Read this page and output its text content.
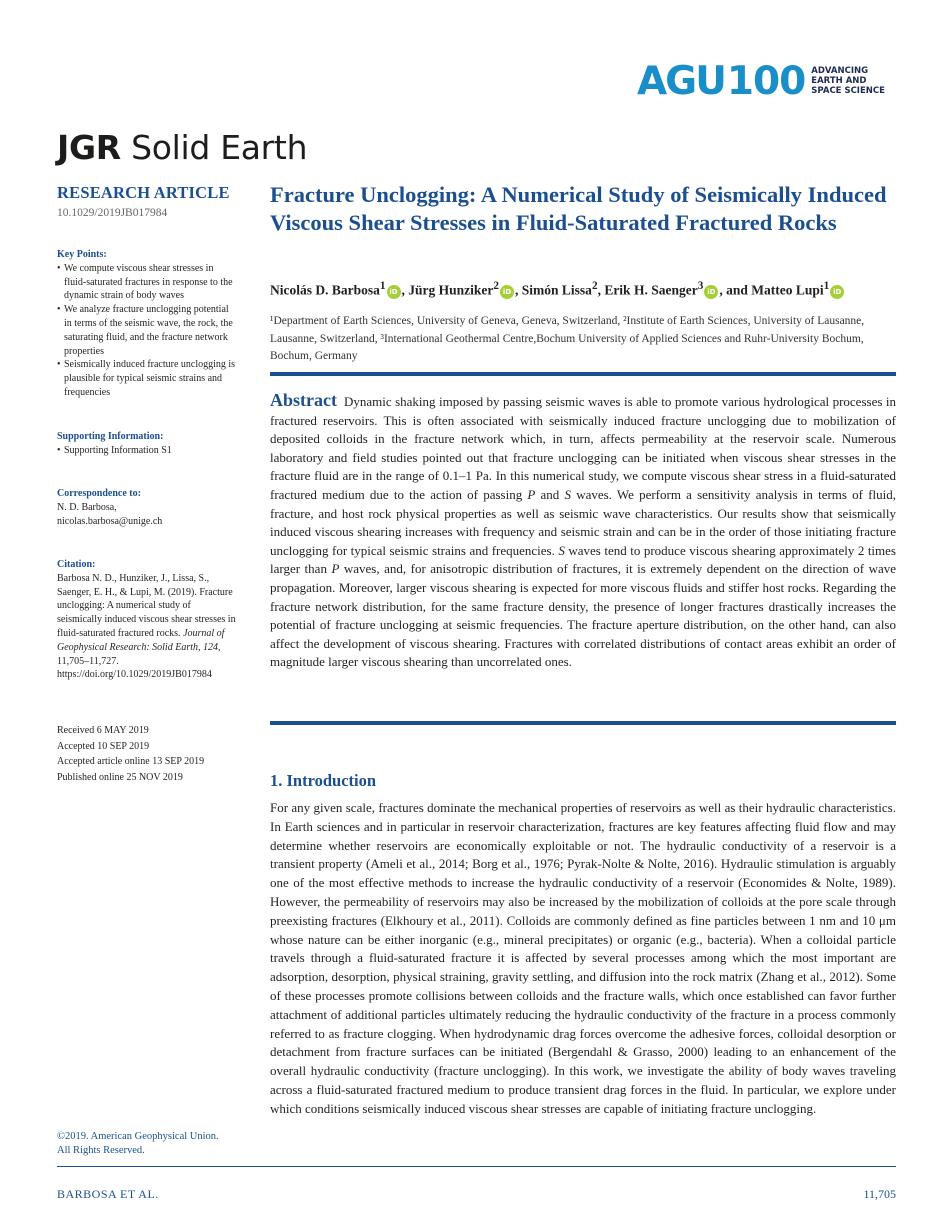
AGU 100 ADVANCING
EARTH AND
SPACE SCIENCE
JGR Solid Earth
RESEARCH ARTICLE
10.1029/2019JB017984
Key Points:
• We compute viscous shear stresses in fluid-saturated fractures in response to the dynamic strain of body waves
• We analyze fracture unclogging potential in terms of the seismic wave, the rock, the saturating fluid, and the fracture network properties
• Seismically induced fracture unclogging is plausible for typical seismic strains and frequencies
Supporting Information:
• Supporting Information S1
Correspondence to:
N. D. Barbosa,
nicolas.barbosa@unige.ch
Citation:
Barbosa N. D., Hunziker, J., Lissa, S., Saenger, E. H., & Lupi, M. (2019). Fracture unclogging: A numerical study of seismically induced viscous shear stresses in fluid-saturated fractured rocks. Journal of Geophysical Research: Solid Earth, 124, 11,705–11,727. https://doi.org/10.1029/2019JB017984
Received 6 MAY 2019
Accepted 10 SEP 2019
Accepted article online 13 SEP 2019
Published online 25 NOV 2019
©2019. American Geophysical Union.
All Rights Reserved.
Fracture Unclogging: A Numerical Study of Seismically Induced Viscous Shear Stresses in Fluid-Saturated Fractured Rocks
Nicolás D. Barbosa$^1$ iD , Jürg Hunziker$^2$ iD , Simón Lissa$^2$, Erik H. Saenger$^3$ iD , and Matteo Lupi$^1$ iD
¹Department of Earth Sciences, University of Geneva, Geneva, Switzerland, ²Institute of Earth Sciences, University of Lausanne, Lausanne, Switzerland, ³International Geothermal Centre,Bochum University of Applied Sciences and Ruhr-University Bochum, Bochum, Germany
Abstract Dynamic shaking imposed by passing seismic waves is able to promote various hydrological processes in fractured reservoirs. This is often associated with seismically induced fracture unclogging due to mobilization of deposited colloids in the fracture network which, in turn, affects permeability at the reservoir scale. Numerous laboratory and field studies pointed out that fracture unclogging can be initiated when viscous shear stresses in the fracture fluid are in the range of 0.1–1 Pa. In this numerical study, we compute viscous shear stress in a fluid-saturated fractured medium due to the action of passing P and S waves. We perform a sensitivity analysis in terms of fluid, fracture, and host rock physical properties as well as seismic wave characteristics. Our results show that seismically induced viscous shearing increases with frequency and seismic strain and can be in the order of those initiating fracture unclogging for typical seismic strains and frequencies. S waves tend to produce viscous shearing approximately 2 times larger than P waves, and, for anisotropic distribution of fractures, it is extremely dependent on the direction of wave propagation. Moreover, larger viscous shearing is expected for more viscous fluids and stiffer host rocks. Regarding the fracture network distribution, for the same fracture density, the presence of longer fractures drastically increases the potential of fracture unclogging at seismic frequencies. The fracture aperture distribution, on the other hand, can also affect the development of viscous shearing. Fractures with correlated distributions of contact areas exhibit an order of magnitude larger viscous shearing than uncorrelated ones.
1. Introduction
For any given scale, fractures dominate the mechanical properties of reservoirs as well as their hydraulic characteristics. In Earth sciences and in particular in reservoir characterization, fractures are key features affecting fluid flow and may determine whether reservoirs are economically exploitable or not. The hydraulic conductivity of a reservoir is a transient property (Ameli et al., 2014; Borg et al., 1976; Pyrak-Nolte & Nolte, 2016). Hydraulic stimulation is arguably one of the most effective methods to increase the hydraulic conductivity of a reservoir (Economides & Nolte, 1989). However, the permeability of reservoirs may also be increased by the mobilization of colloids at the pore scale through preexisting fractures (Elkhoury et al., 2011). Colloids are commonly defined as fine particles between 1 nm and 10 μm whose nature can be either inorganic (e.g., mineral precipitates) or organic (e.g., bacteria). When a colloidal particle travels through a fluid-saturated fracture it is affected by several processes among which the most important are adsorption, desorption, physical straining, gravity settling, and diffusion into the rock matrix (Zhang et al., 2012). Some of these processes promote collisions between colloids and the fracture walls, which once established can favor further attachment of additional particles ultimately reducing the hydraulic conductivity of the fracture in a process commonly referred to as fracture clogging. When hydrodynamic drag forces overcome the adhesive forces, colloidal desorption or detachment from fracture surfaces can be initiated (Bergendahl & Grasso, 2000) leading to an enhancement of the overall hydraulic conductivity (fracture unclogging). In this work, we investigate the ability of body waves traveling across a fluid-saturated fractured medium to produce transient drag forces in the fluid. In particular, we explore under which conditions seismically induced viscous shear stresses are capable of initiating fracture unclogging.
BARBOSA ET AL.	11,705
